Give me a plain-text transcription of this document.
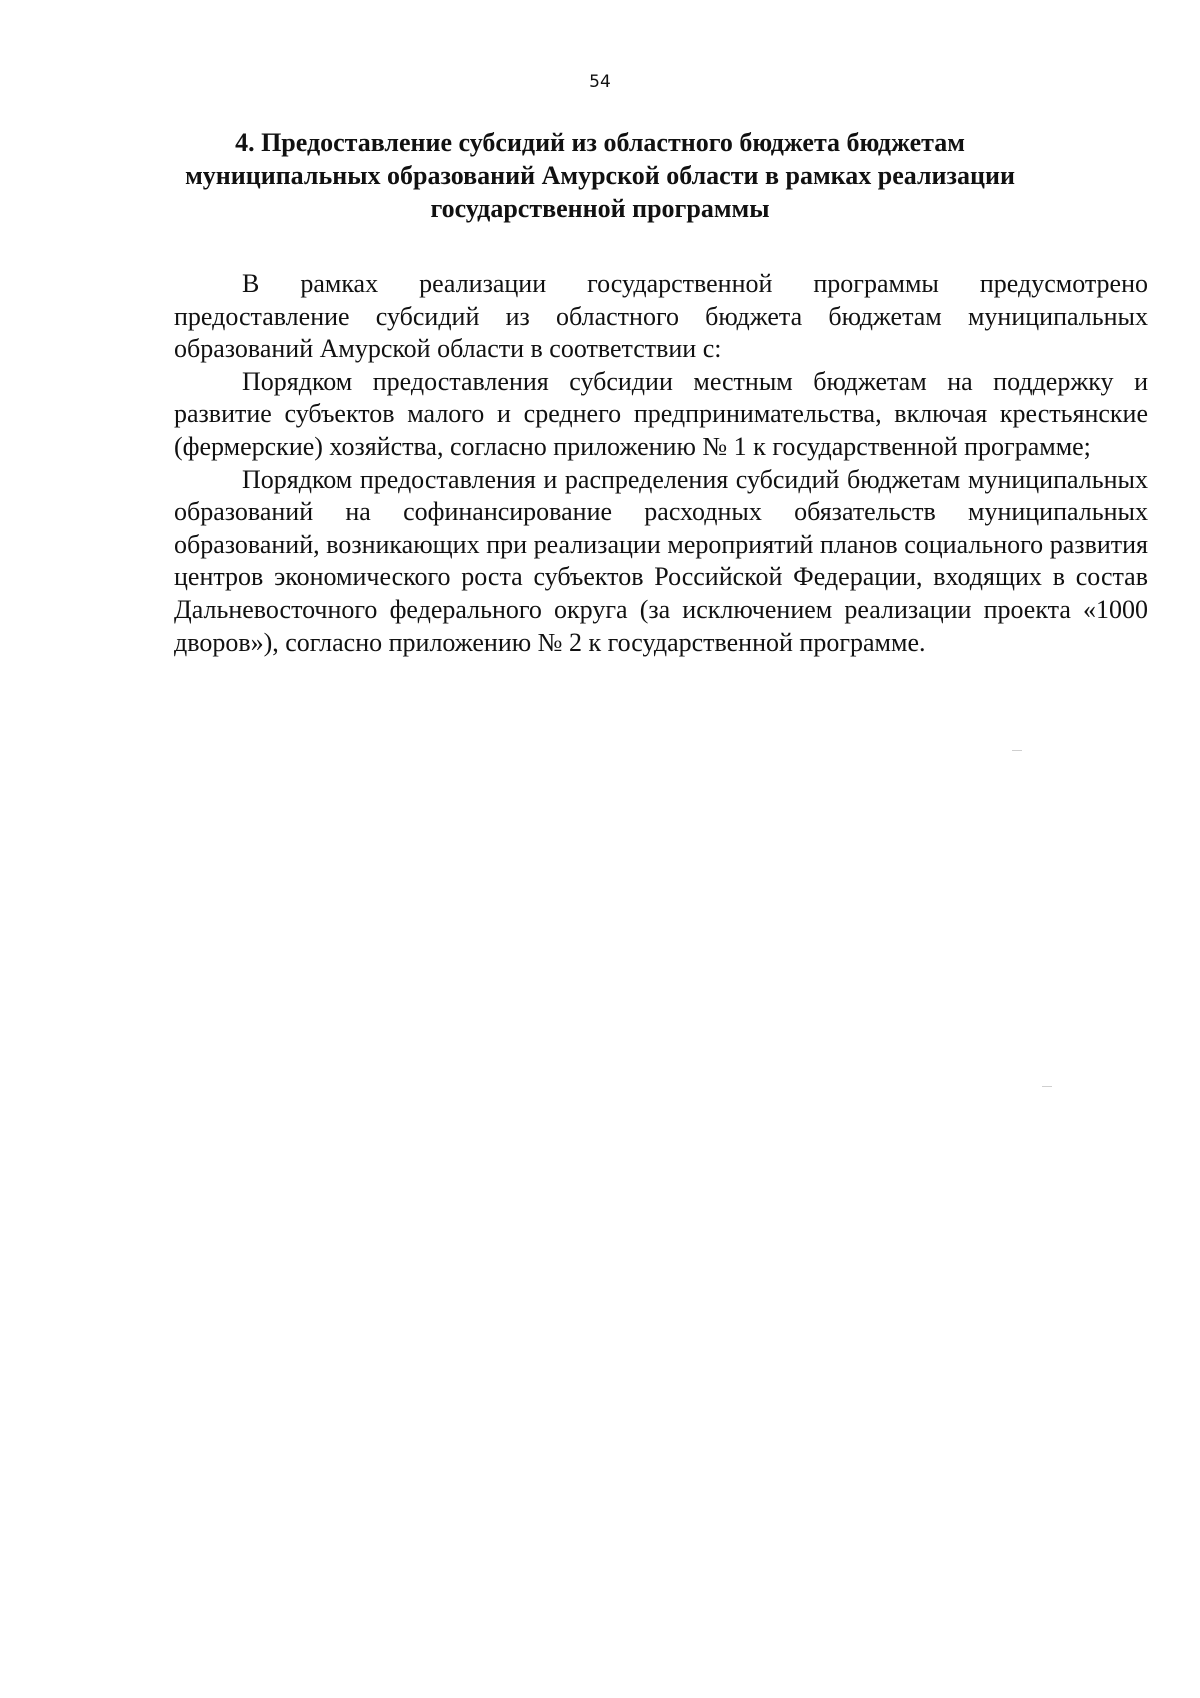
54
4. Предоставление субсидий из областного бюджета бюджетам
муниципальных образований Амурской области в рамках реализации
государственной программы

В рамках реализации государственной программы предусмотрено предоставление субсидий из областного бюджета бюджетам муниципальных образований Амурской области в соответствии с:

Порядком предоставления субсидии местным бюджетам на поддержку и развитие субъектов малого и среднего предпринимательства, включая крестьянские (фермерские) хозяйства, согласно приложению № 1 к государственной программе;

Порядком предоставления и распределения субсидий бюджетам муниципальных образований на софинансирование расходных обязательств муниципальных образований, возникающих при реализации мероприятий планов социального развития центров экономического роста субъектов Российской Федерации, входящих в состав Дальневосточного федерального округа (за исключением реализации проекта «1000 дворов»), согласно приложению № 2 к государственной программе.
